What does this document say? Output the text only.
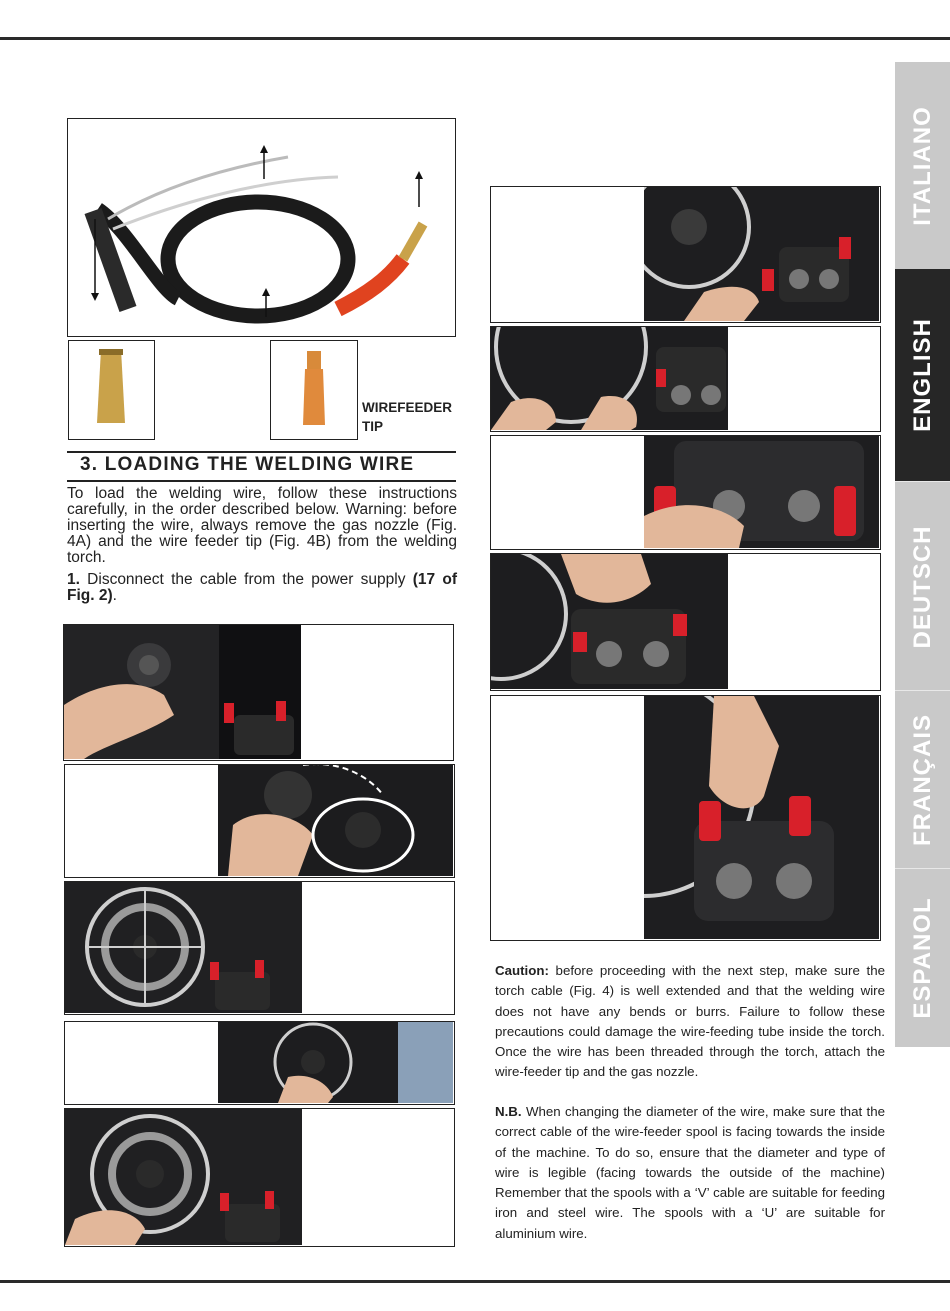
ITALIANO
ENGLISH
DEUTSCH
FRANÇAIS
ESPANOL
WIREFEEDER
TIP
3. LOADING THE WELDING WIRE
To load the welding wire, follow these instructions carefully, in the order described below. Warning: before inserting the wire, always remove the gas nozzle (Fig. 4A) and the wire feeder tip (Fig. 4B) from the welding torch.
1. Disconnect the cable from the power supply (17 of Fig. 2).
Caution: before proceeding with the next step, make sure the torch cable (Fig. 4) is well extended and that the welding wire does not have any bends or burrs. Failure to follow these precautions could damage the wire-feeding tube inside the torch. Once the wire has been threaded through the torch, attach the wire-feeder tip and the gas nozzle.
N.B. When changing the diameter of the wire, make sure that the correct cable of the wire-feeder spool is facing towards the inside of the machine. To do so, ensure that the diameter and type of wire is legible (facing towards the outside of the machine) Remember that the spools with a ‘V’ cable are suitable for feeding iron and steel wire. The spools with a ‘U’ are suitable for aluminium wire.
